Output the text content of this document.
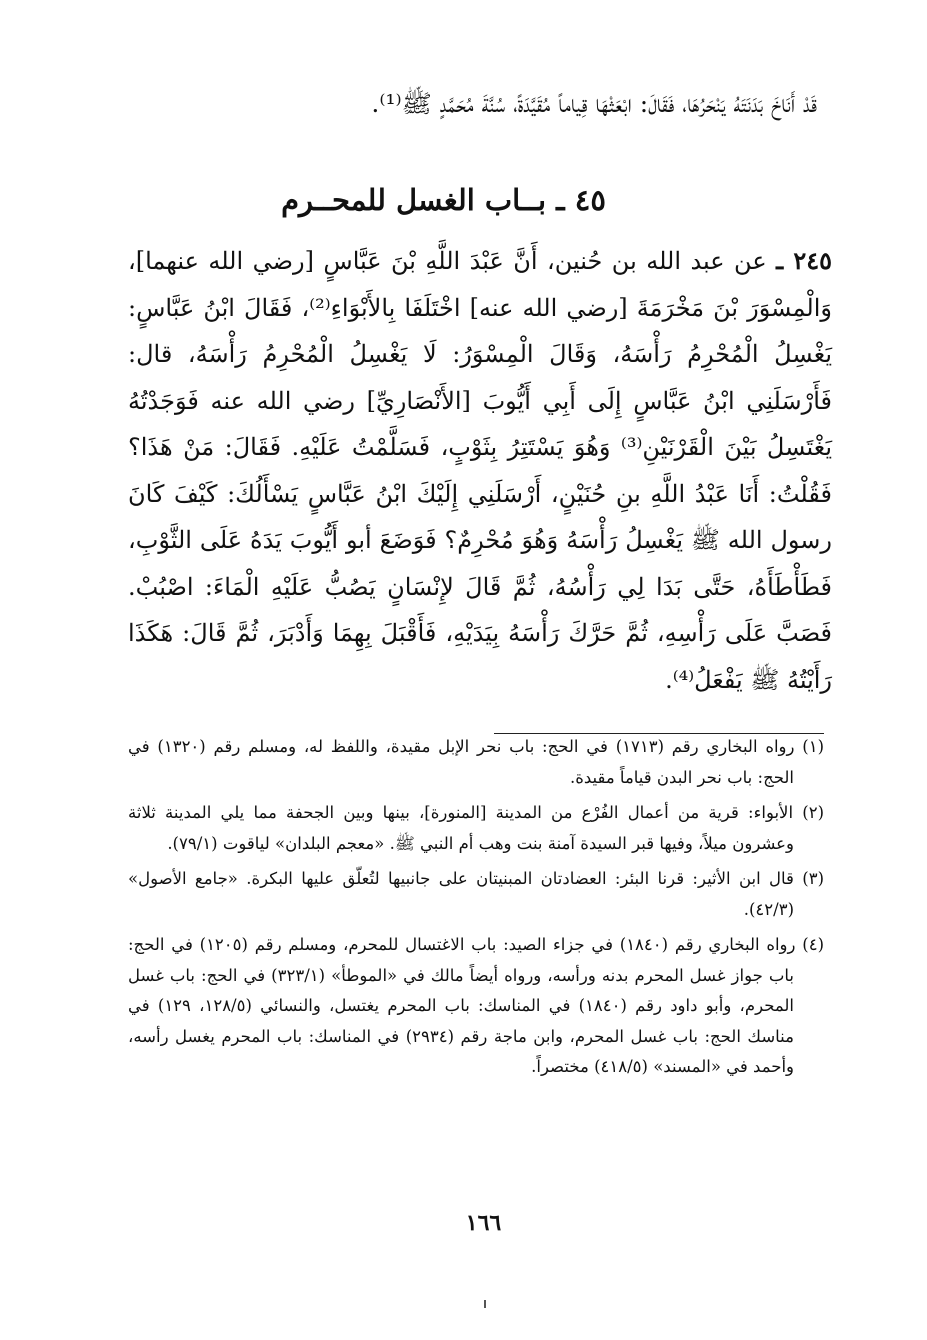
قَدْ أَنَاخَ بَدَنَتَهُ يَنْحَرُهَا، فَقَالَ: ابْعَثْهَا قِياماً مُقَيَّدَةً، سُنَّةَ مُحَمَّدٍ ﷺ⁽¹⁾.
٤٥ ـ بــاب الغسل للمحــرم
٢٤٥ ـ عن عبد الله بن حُنين، أَنَّ عَبْدَ اللَّهِ بْنَ عَبَّاسٍ [رضي الله عنهما]، وَالْمِسْوَرَ بْنَ مَخْرَمَةَ [رضي الله عنه] اخْتَلَفَا بِالأَبْوَاءِ⁽²⁾، فَقَالَ ابْنُ عَبَّاسٍ: يَغْسِلُ الْمُحْرِمُ رَأْسَهُ، وَقَالَ الْمِسْوَرُ: لَا يَغْسِلُ الْمُحْرِمُ رَأْسَهُ، قال: فَأَرْسَلَنِي ابْنُ عَبَّاسٍ إِلَى أَبِي أَيُّوبَ [الأَنْصَارِيِّ] رضي الله عنه فَوَجَدْتُهُ يَغْتَسِلُ بَيْنَ الْقَرْنَيْنِ⁽³⁾ وَهُوَ يَسْتَتِرُ بِثَوْبٍ، فَسَلَّمْتُ عَلَيْهِ. فَقَالَ: مَنْ هَذَا؟ فَقُلْتُ: أَنَا عَبْدُ اللَّهِ بنِ حُنَيْنٍ، أَرْسَلَنِي إِلَيْكَ ابْنُ عَبَّاسٍ يَسْأَلُكَ: كَيْفَ كَانَ رسول الله ﷺ يَغْسِلُ رَأْسَهُ وَهُوَ مُحْرِمٌ؟ فَوَضَعَ أبو أَيُّوبَ يَدَهُ عَلَى الثَّوْبِ، فَطَأْطَأَهُ، حَتَّى بَدَا لِي رَأْسُهُ، ثُمَّ قَالَ لإِنْسَانٍ يَصُبُّ عَلَيْهِ الْمَاءَ: اصْبُبْ. فَصَبَّ عَلَى رَأْسِهِ، ثُمَّ حَرَّكَ رَأْسَهُ بِيَدَيْهِ، فَأَقْبَلَ بِهِمَا وَأَدْبَرَ، ثُمَّ قَالَ: هَكَذَا رَأَيْتُهُ ﷺ يَفْعَلُ⁽⁴⁾.

(١) رواه البخاري رقم (١٧١٣) في الحج: باب نحر الإبل مقيدة، واللفظ له، ومسلم رقم (١٣٢٠) في الحج: باب نحر البدن قياماً مقيدة.

(٢) الأبواء: قرية من أعمال الفُرْع من المدينة [المنورة]، بينها وبين الجحفة مما يلي المدينة ثلاثة وعشرون ميلاً، وفيها قبر السيدة آمنة بنت وهب أم النبي ﷺ. «معجم البلدان» لياقوت (٧٩/١).

(٣) قال ابن الأثير: قرنا البئر: العضادتان المبنيتان على جانبيها لتُعلّق عليها البكرة. «جامع الأصول» (٤٢/٣).

(٤) رواه البخاري رقم (١٨٤٠) في جزاء الصيد: باب الاغتسال للمحرم، ومسلم رقم (١٢٠٥) في الحج: باب جواز غسل المحرم بدنه ورأسه، ورواه أيضاً مالك في «الموطأ» (٣٢٣/١) في الحج: باب غسل المحرم، وأبو داود رقم (١٨٤٠) في المناسك: باب المحرم يغتسل، والنسائي (١٢٨/٥، ١٢٩) في مناسك الحج: باب غسل المحرم، وابن ماجة رقم (٢٩٣٤) في المناسك: باب المحرم يغسل رأسه، وأحمد في «المسند» (٤١٨/٥) مختصراً.

١٦٦
